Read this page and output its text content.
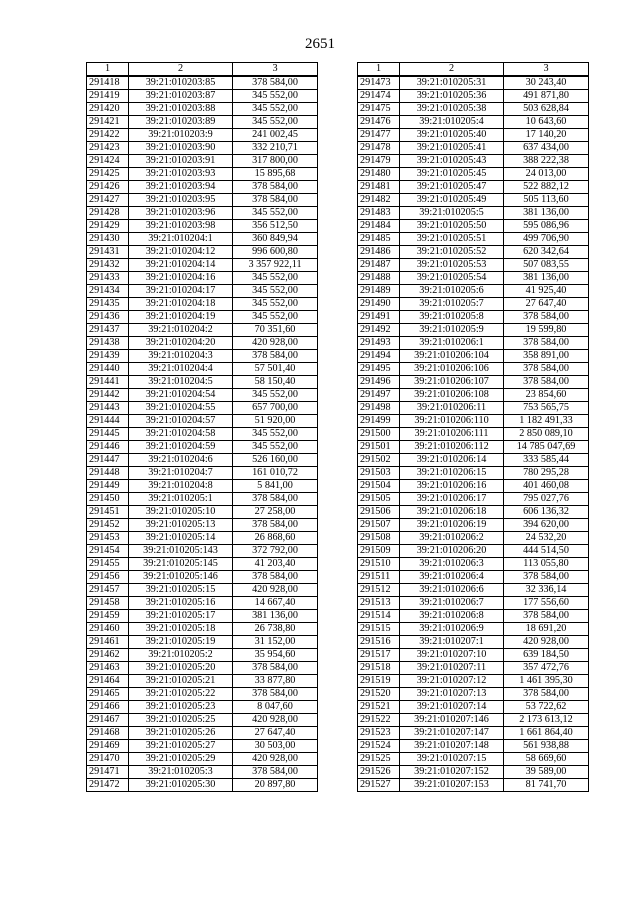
2651
1	2	3
291418	39:21:010203:85	378 584,00
291419	39:21:010203:87	345 552,00
291420	39:21:010203:88	345 552,00
291421	39:21:010203:89	345 552,00
291422	39:21:010203:9	241 002,45
291423	39:21:010203:90	332 210,71
291424	39:21:010203:91	317 800,00
291425	39:21:010203:93	15 895,68
291426	39:21:010203:94	378 584,00
291427	39:21:010203:95	378 584,00
291428	39:21:010203:96	345 552,00
291429	39:21:010203:98	356 512,50
291430	39:21:010204:1	360 849,94
291431	39:21:010204:12	996 600,80
291432	39:21:010204:14	3 357 922,11
291433	39:21:010204:16	345 552,00
291434	39:21:010204:17	345 552,00
291435	39:21:010204:18	345 552,00
291436	39:21:010204:19	345 552,00
291437	39:21:010204:2	70 351,60
291438	39:21:010204:20	420 928,00
291439	39:21:010204:3	378 584,00
291440	39:21:010204:4	57 501,40
291441	39:21:010204:5	58 150,40
291442	39:21:010204:54	345 552,00
291443	39:21:010204:55	657 700,00
291444	39:21:010204:57	51 920,00
291445	39:21:010204:58	345 552,00
291446	39:21:010204:59	345 552,00
291447	39:21:010204:6	526 160,00
291448	39:21:010204:7	161 010,72
291449	39:21:010204:8	5 841,00
291450	39:21:010205:1	378 584,00
291451	39:21:010205:10	27 258,00
291452	39:21:010205:13	378 584,00
291453	39:21:010205:14	26 868,60
291454	39:21:010205:143	372 792,00
291455	39:21:010205:145	41 203,40
291456	39:21:010205:146	378 584,00
291457	39:21:010205:15	420 928,00
291458	39:21:010205:16	14 667,40
291459	39:21:010205:17	381 136,00
291460	39:21:010205:18	26 738,80
291461	39:21:010205:19	31 152,00
291462	39:21:010205:2	35 954,60
291463	39:21:010205:20	378 584,00
291464	39:21:010205:21	33 877,80
291465	39:21:010205:22	378 584,00
291466	39:21:010205:23	8 047,60
291467	39:21:010205:25	420 928,00
291468	39:21:010205:26	27 647,40
291469	39:21:010205:27	30 503,00
291470	39:21:010205:29	420 928,00
291471	39:21:010205:3	378 584,00
291472	39:21:010205:30	20 897,80
1	2	3
291473	39:21:010205:31	30 243,40
291474	39:21:010205:36	491 871,80
291475	39:21:010205:38	503 628,84
291476	39:21:010205:4	10 643,60
291477	39:21:010205:40	17 140,20
291478	39:21:010205:41	637 434,00
291479	39:21:010205:43	388 222,38
291480	39:21:010205:45	24 013,00
291481	39:21:010205:47	522 882,12
291482	39:21:010205:49	505 113,60
291483	39:21:010205:5	381 136,00
291484	39:21:010205:50	595 086,96
291485	39:21:010205:51	499 706,90
291486	39:21:010205:52	620 342,64
291487	39:21:010205:53	507 083,55
291488	39:21:010205:54	381 136,00
291489	39:21:010205:6	41 925,40
291490	39:21:010205:7	27 647,40
291491	39:21:010205:8	378 584,00
291492	39:21:010205:9	19 599,80
291493	39:21:010206:1	378 584,00
291494	39:21:010206:104	358 891,00
291495	39:21:010206:106	378 584,00
291496	39:21:010206:107	378 584,00
291497	39:21:010206:108	23 854,60
291498	39:21:010206:11	753 565,75
291499	39:21:010206:110	1 182 491,33
291500	39:21:010206:111	2 850 089,10
291501	39:21:010206:112	14 785 047,69
291502	39:21:010206:14	333 585,44
291503	39:21:010206:15	780 295,28
291504	39:21:010206:16	401 460,08
291505	39:21:010206:17	795 027,76
291506	39:21:010206:18	606 136,32
291507	39:21:010206:19	394 620,00
291508	39:21:010206:2	24 532,20
291509	39:21:010206:20	444 514,50
291510	39:21:010206:3	113 055,80
291511	39:21:010206:4	378 584,00
291512	39:21:010206:6	32 336,14
291513	39:21:010206:7	177 556,60
291514	39:21:010206:8	378 584,00
291515	39:21:010206:9	18 691,20
291516	39:21:010207:1	420 928,00
291517	39:21:010207:10	639 184,50
291518	39:21:010207:11	357 472,76
291519	39:21:010207:12	1 461 395,30
291520	39:21:010207:13	378 584,00
291521	39:21:010207:14	53 722,62
291522	39:21:010207:146	2 173 613,12
291523	39:21:010207:147	1 661 864,40
291524	39:21:010207:148	561 938,88
291525	39:21:010207:15	58 669,60
291526	39:21:010207:152	39 589,00
291527	39:21:010207:153	81 741,70
